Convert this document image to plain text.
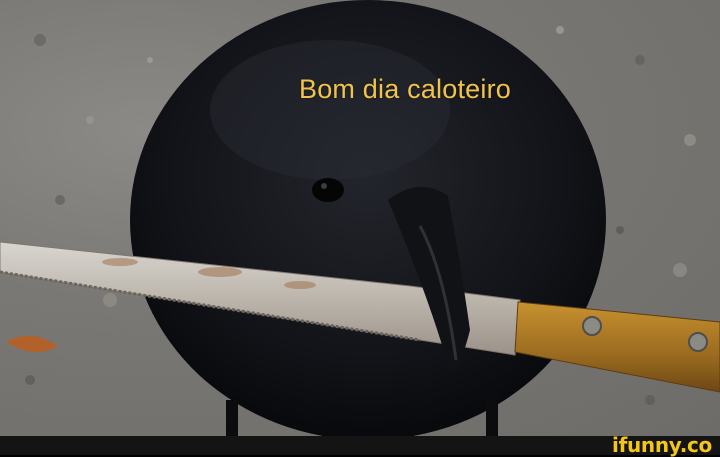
Bom dia caloteiro
ifunny.co
